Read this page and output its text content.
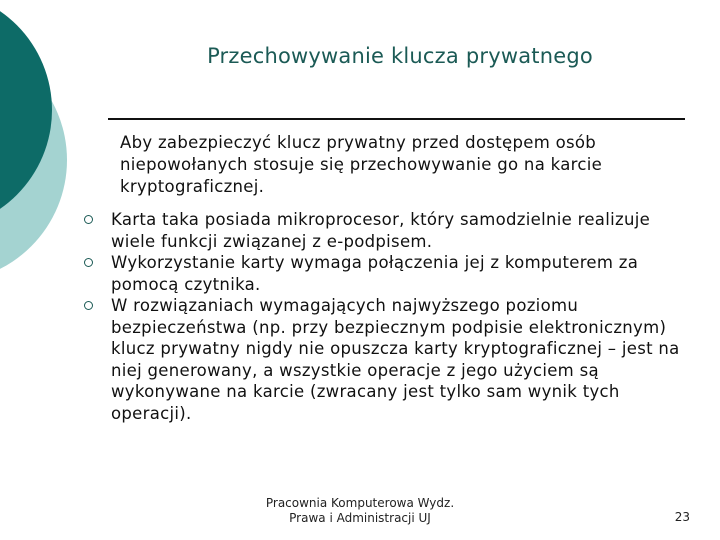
Przechowywanie klucza prywatnego
Aby zabezpieczyć klucz prywatny przed dostępem osób niepowołanych stosuje się przechowywanie go na karcie kryptograficznej.
Karta taka posiada mikroprocesor, który samodzielnie realizuje wiele funkcji związanej z e-podpisem.
Wykorzystanie karty wymaga połączenia jej z komputerem za pomocą czytnika.
W rozwiązaniach wymagających najwyższego poziomu bezpieczeństwa (np. przy bezpiecznym podpisie elektronicznym) klucz prywatny nigdy nie opuszcza karty kryptograficznej – jest na niej generowany, a wszystkie operacje z jego użyciem są wykonywane na karcie (zwracany jest tylko sam wynik tych operacji).
Pracownia Komputerowa Wydz.
Prawa i Administracji UJ	23
